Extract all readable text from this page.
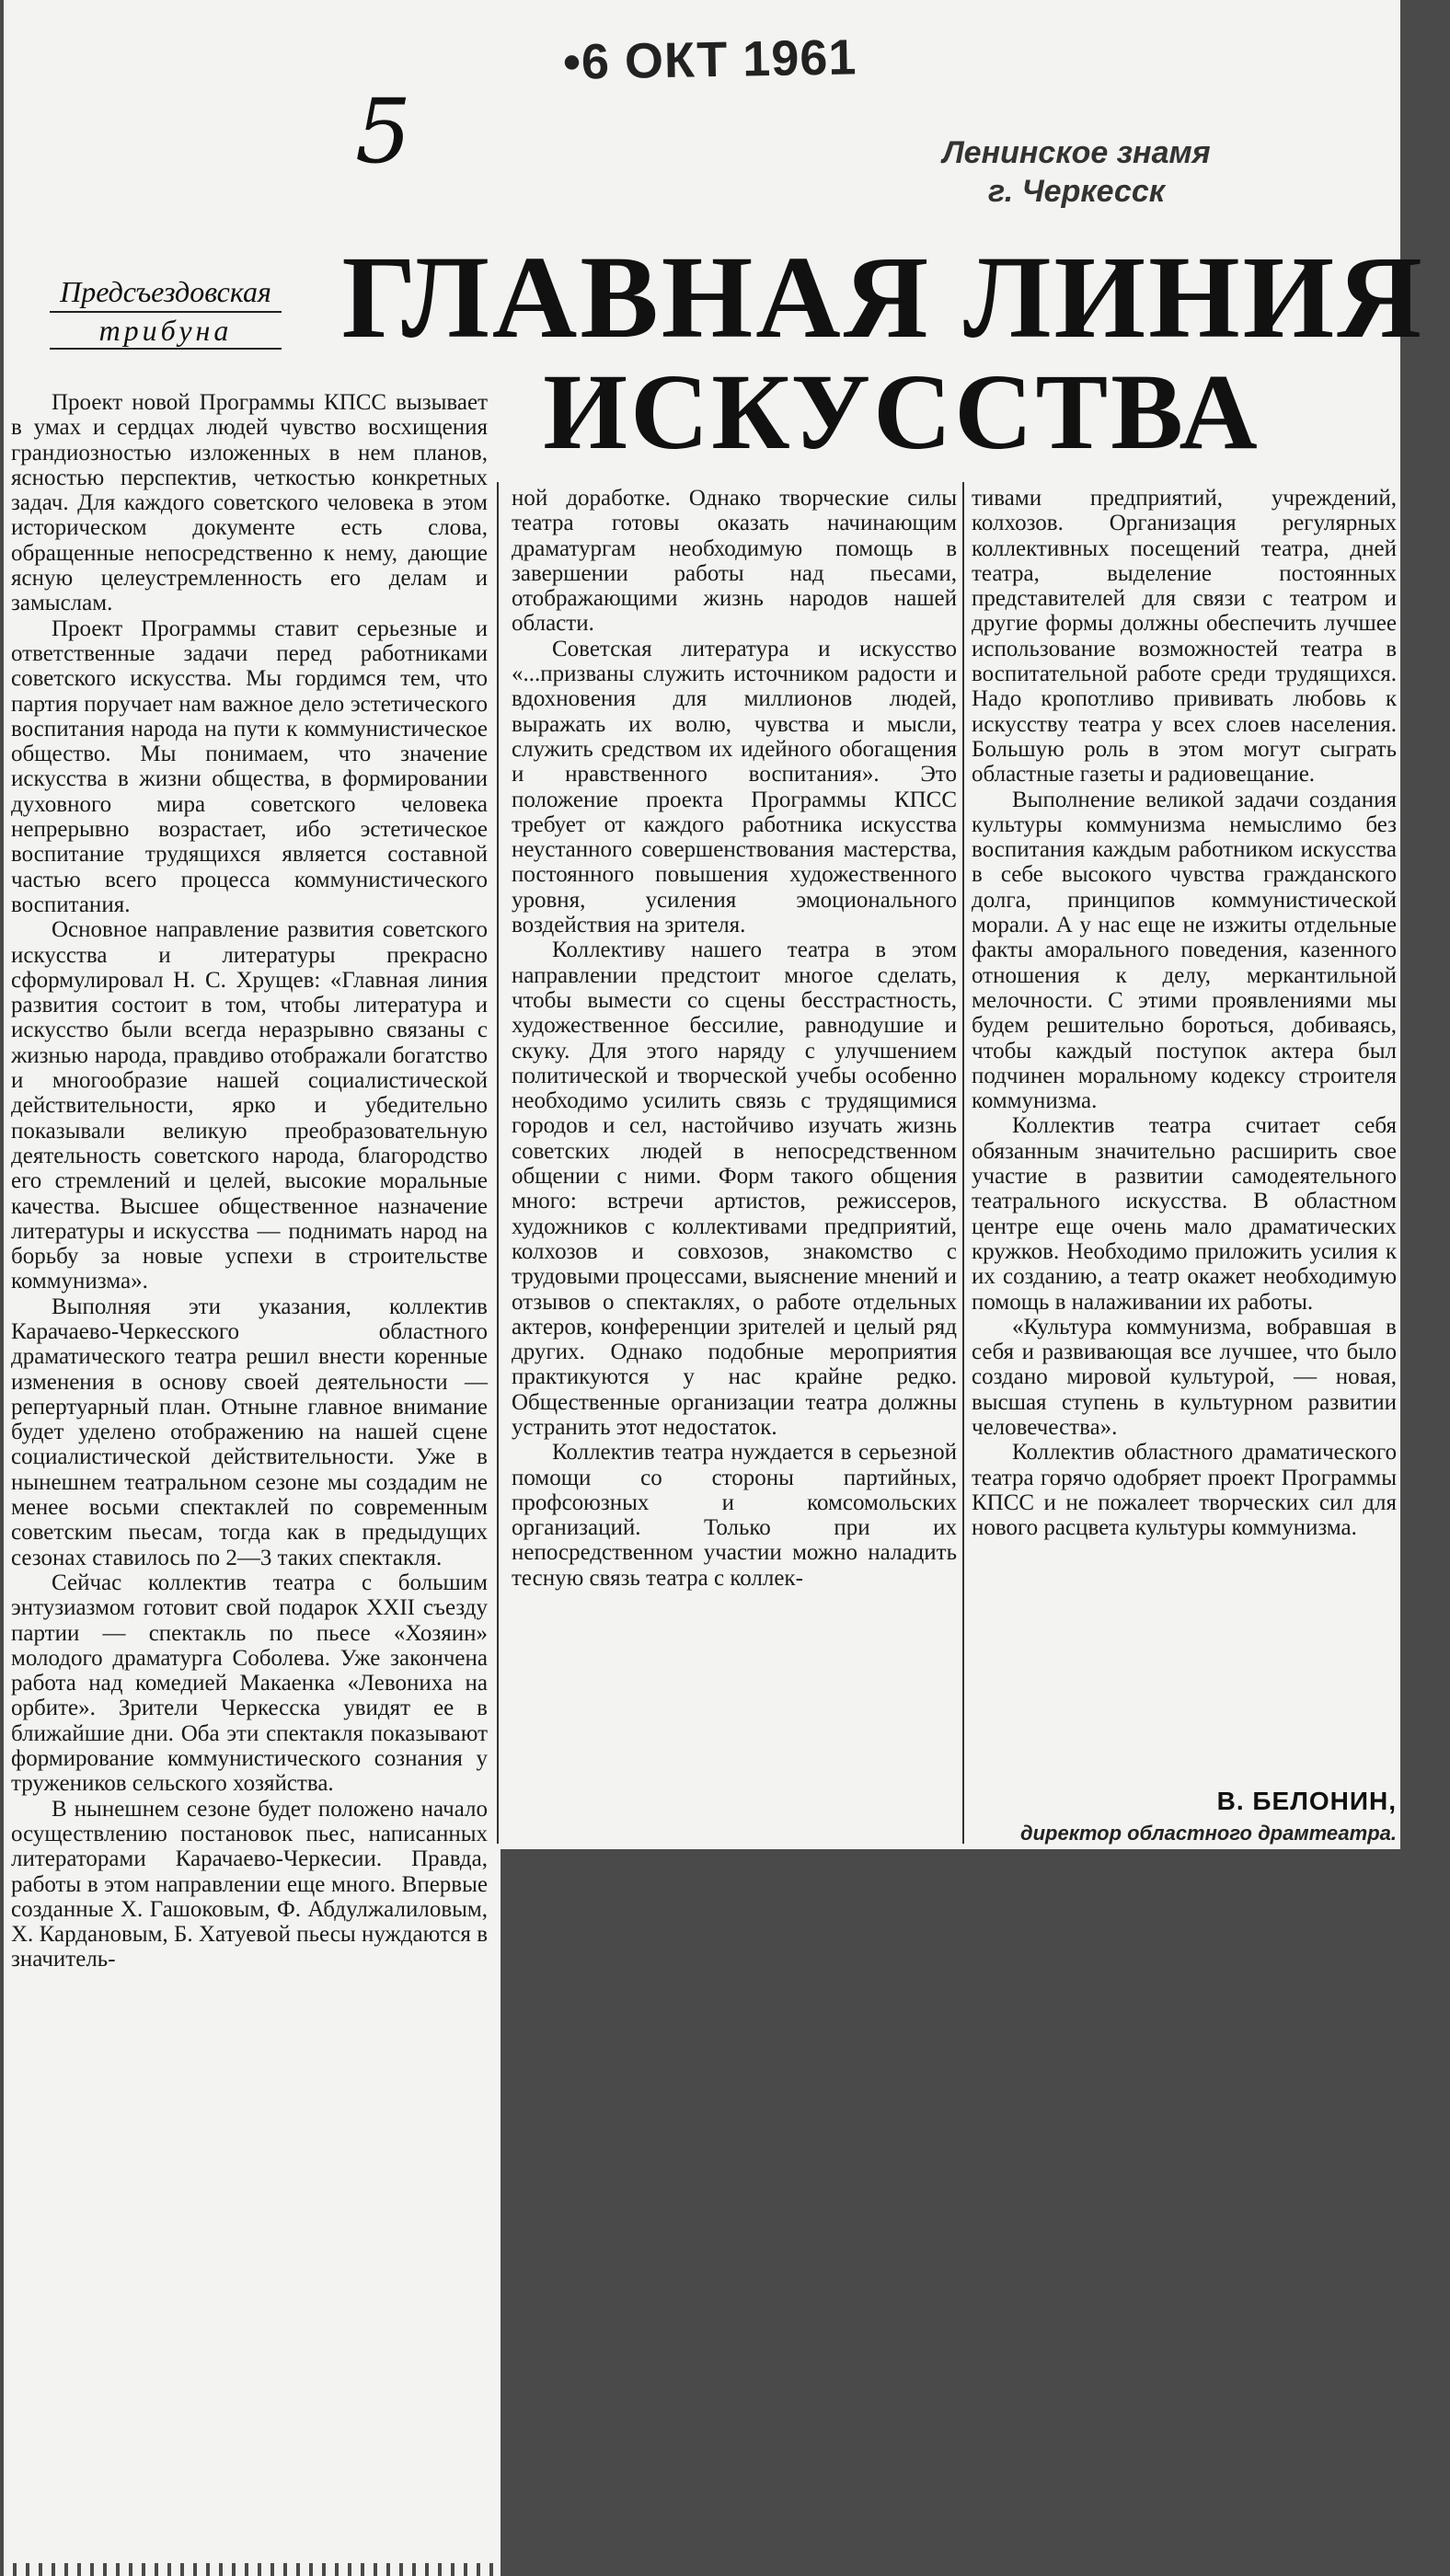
•6 ОКТ 1961
5	Ленинское знамя
г. Черкесск
Предсъездовская
трибуна ГЛАВНАЯ ЛИНИЯ
ИСКУССТВА

Проект новой Программы КПСС вызывает в умах и сердцах людей чувство восхищения грандиозностью изложенных в нем планов, ясностью перспектив, четкостью конкретных задач. Для каждого советского человека в этом историческом документе есть слова, обращенные непосредственно к нему, дающие ясную целеустремленность его делам и замыслам.

Проект Программы ставит серьезные и ответственные задачи перед работниками советского искусства. Мы гордимся тем, что партия поручает нам важное дело эстетического воспитания народа на пути к коммунистическое общество. Мы понимаем, что значение искусства в жизни общества, в формировании духовного мира советского человека непрерывно возрастает, ибо эстетическое воспитание трудящихся является составной частью всего процесса коммунистического воспитания.

Основное направление развития советского искусства и литературы прекрасно сформулировал Н. С. Хрущев: «Главная линия развития состоит в том, чтобы литература и искусство были всегда неразрывно связаны с жизнью народа, правдиво отображали богатство и многообразие нашей социалистической действительности, ярко и убедительно показывали великую преобразовательную деятельность советского народа, благородство его стремлений и целей, высокие моральные качества. Высшее общественное назначение литературы и искусства — поднимать народ на борьбу за новые успехи в строительстве коммунизма».

Выполняя эти указания, коллектив Карачаево-Черкесского областного драматического театра решил внести коренные изменения в основу своей деятельности — репертуарный план. Отныне главное внимание будет уделено отображению на нашей сцене социалистической действительности. Уже в нынешнем театральном сезоне мы создадим не менее восьми спектаклей по современным советским пьесам, тогда как в предыдущих сезонах ставилось по 2—3 таких спектакля.

Сейчас коллектив театра с большим энтузиазмом готовит свой подарок XXII съезду партии — спектакль по пьесе «Хозяин» молодого драматурга Соболева. Уже закончена работа над комедией Макаенка «Левониха на орбите». Зрители Черкесска увидят ее в ближайшие дни. Оба эти спектакля показывают формирование коммунистического сознания у тружеников сельского хозяйства.

В нынешнем сезоне будет положено начало осуществлению постановок пьес, написанных литераторами Карачаево-Черкесии. Правда, работы в этом направлении еще много. Впервые созданные Х. Гашоковым, Ф. Абдулжалиловым, Х. Кардановым, Б. Хатуевой пьесы нуждаются в значитель-

ной доработке. Однако творческие силы театра готовы оказать начинающим драматургам необходимую помощь в завершении работы над пьесами, отображающими жизнь народов нашей области.

Советская литература и искусство «...призваны служить источником радости и вдохновения для миллионов людей, выражать их волю, чувства и мысли, служить средством их идейного обогащения и нравственного воспитания». Это положение проекта Программы КПСС требует от каждого работника искусства неустанного совершенствования мастерства, постоянного повышения художественного уровня, усиления эмоционального воздействия на зрителя.

Коллективу нашего театра в этом направлении предстоит многое сделать, чтобы вымести со сцены бесстрастность, художественное бессилие, равнодушие и скуку. Для этого наряду с улучшением политической и творческой учебы особенно необходимо усилить связь с трудящимися городов и сел, настойчиво изучать жизнь советских людей в непосредственном общении с ними. Форм такого общения много: встречи артистов, режиссеров, художников с коллективами предприятий, колхозов и совхозов, знакомство с трудовыми процессами, выяснение мнений и отзывов о спектаклях, о работе отдельных актеров, конференции зрителей и целый ряд других. Однако подобные мероприятия практикуются у нас крайне редко. Общественные организации театра должны устранить этот недостаток.

Коллектив театра нуждается в серьезной помощи со стороны партийных, профсоюзных и комсомольских организаций. Только при их непосредственном участии можно наладить тесную связь театра с коллек-

тивами предприятий, учреждений, колхозов. Организация регулярных коллективных посещений театра, дней театра, выделение постоянных представителей для связи с театром и другие формы должны обеспечить лучшее использование возможностей театра в воспитательной работе среди трудящихся. Надо кропотливо прививать любовь к искусству театра у всех слоев населения. Большую роль в этом могут сыграть областные газеты и радиовещание.

Выполнение великой задачи создания культуры коммунизма немыслимо без воспитания каждым работником искусства в себе высокого чувства гражданского долга, принципов коммунистической морали. А у нас еще не изжиты отдельные факты аморального поведения, казенного отношения к делу, меркантильной мелочности. С этими проявлениями мы будем решительно бороться, добиваясь, чтобы каждый поступок актера был подчинен моральному кодексу строителя коммунизма.

Коллектив театра считает себя обязанным значительно расширить свое участие в развитии самодеятельного театрального искусства. В областном центре еще очень мало драматических кружков. Необходимо приложить усилия к их созданию, а театр окажет необходимую помощь в налаживании их работы.

«Культура коммунизма, вобравшая в себя и развивающая все лучшее, что было создано мировой культурой, — новая, высшая ступень в культурном развитии человечества».

Коллектив областного драматического театра горячо одобряет проект Программы КПСС и не пожалеет творческих сил для нового расцвета культуры коммунизма.

В. БЕЛОНИН,
директор областного драмтеатра.
